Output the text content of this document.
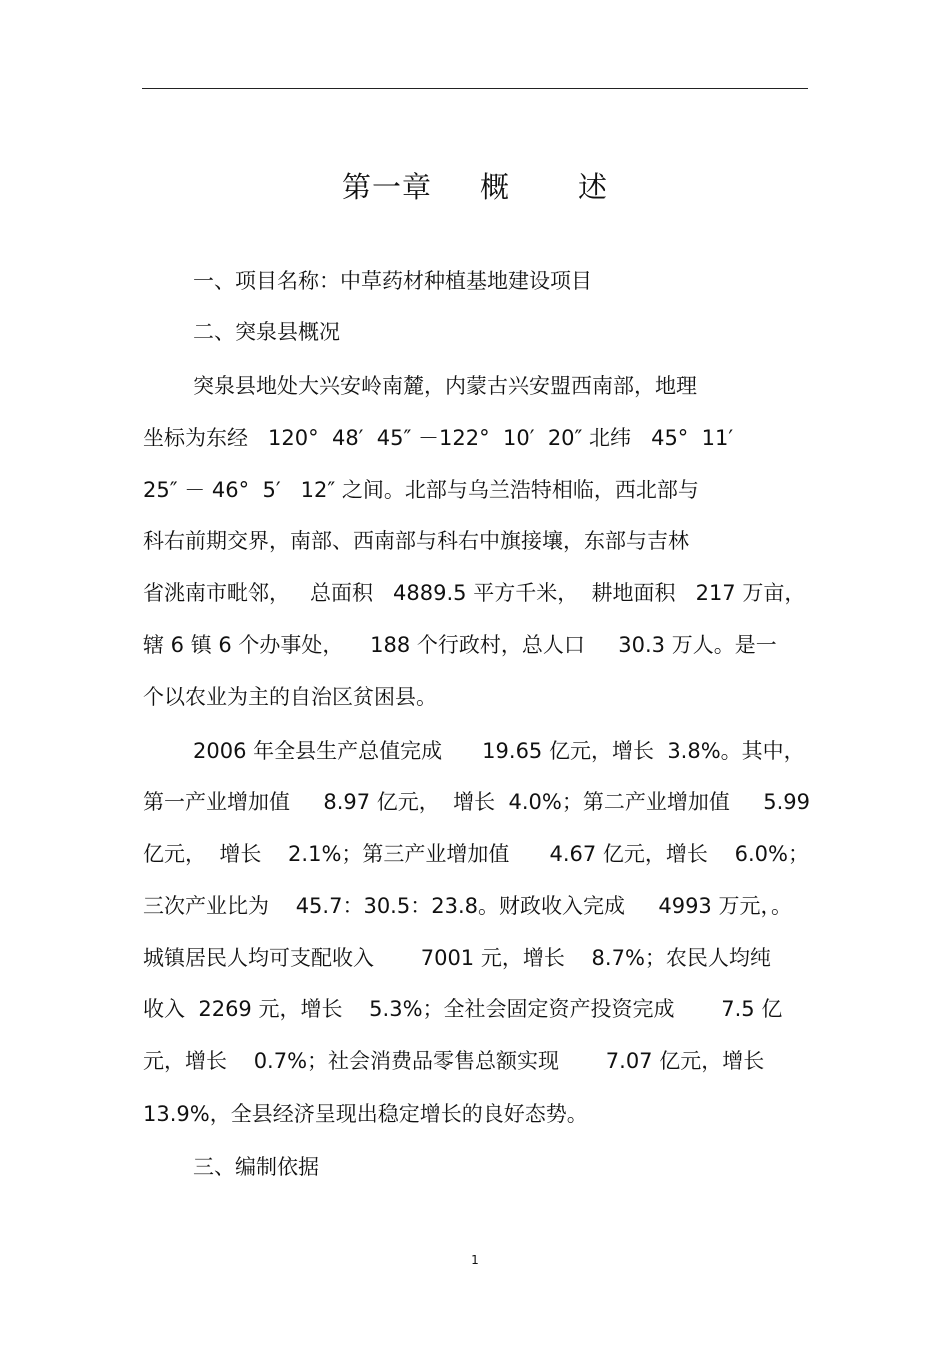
第一章 概 述
一、项目名称：中草药材种植基地建设项目
二、突泉县概况
突泉县地处大兴安岭南麓，内蒙古兴安盟西南部，地理
坐标为东经   120°  48′  45″ －122°  10′  20″ 北纬   45°  11′
25″ － 46°  5′   12″ 之间。北部与乌兰浩特相临，西北部与
科右前期交界，南部、西南部与科右中旗接壤，东部与吉林
省洮南市毗邻，   总面积   4889.5 平方千米，  耕地面积   217 万亩，
辖 6 镇 6 个办事处，    188 个行政村，总人口     30.3 万人。是一
个以农业为主的自治区贫困县。
2006 年全县生产总值完成      19.65 亿元，增长  3.8%。其中，
第一产业增加值     8.97 亿元，  增长  4.0%；第二产业增加值     5.99
亿元，  增长    2.1%；第三产业增加值      4.67 亿元，增长    6.0%；
三次产业比为    45.7：30.5：23.8。财政收入完成     4993 万元，。
城镇居民人均可支配收入       7001 元，增长    8.7%；农民人均纯
收入  2269 元，增长    5.3%；全社会固定资产投资完成       7.5 亿
元，增长    0.7%；社会消费品零售总额实现       7.07 亿元，增长
13.9%，全县经济呈现出稳定增长的良好态势。
三、编制依据
1
